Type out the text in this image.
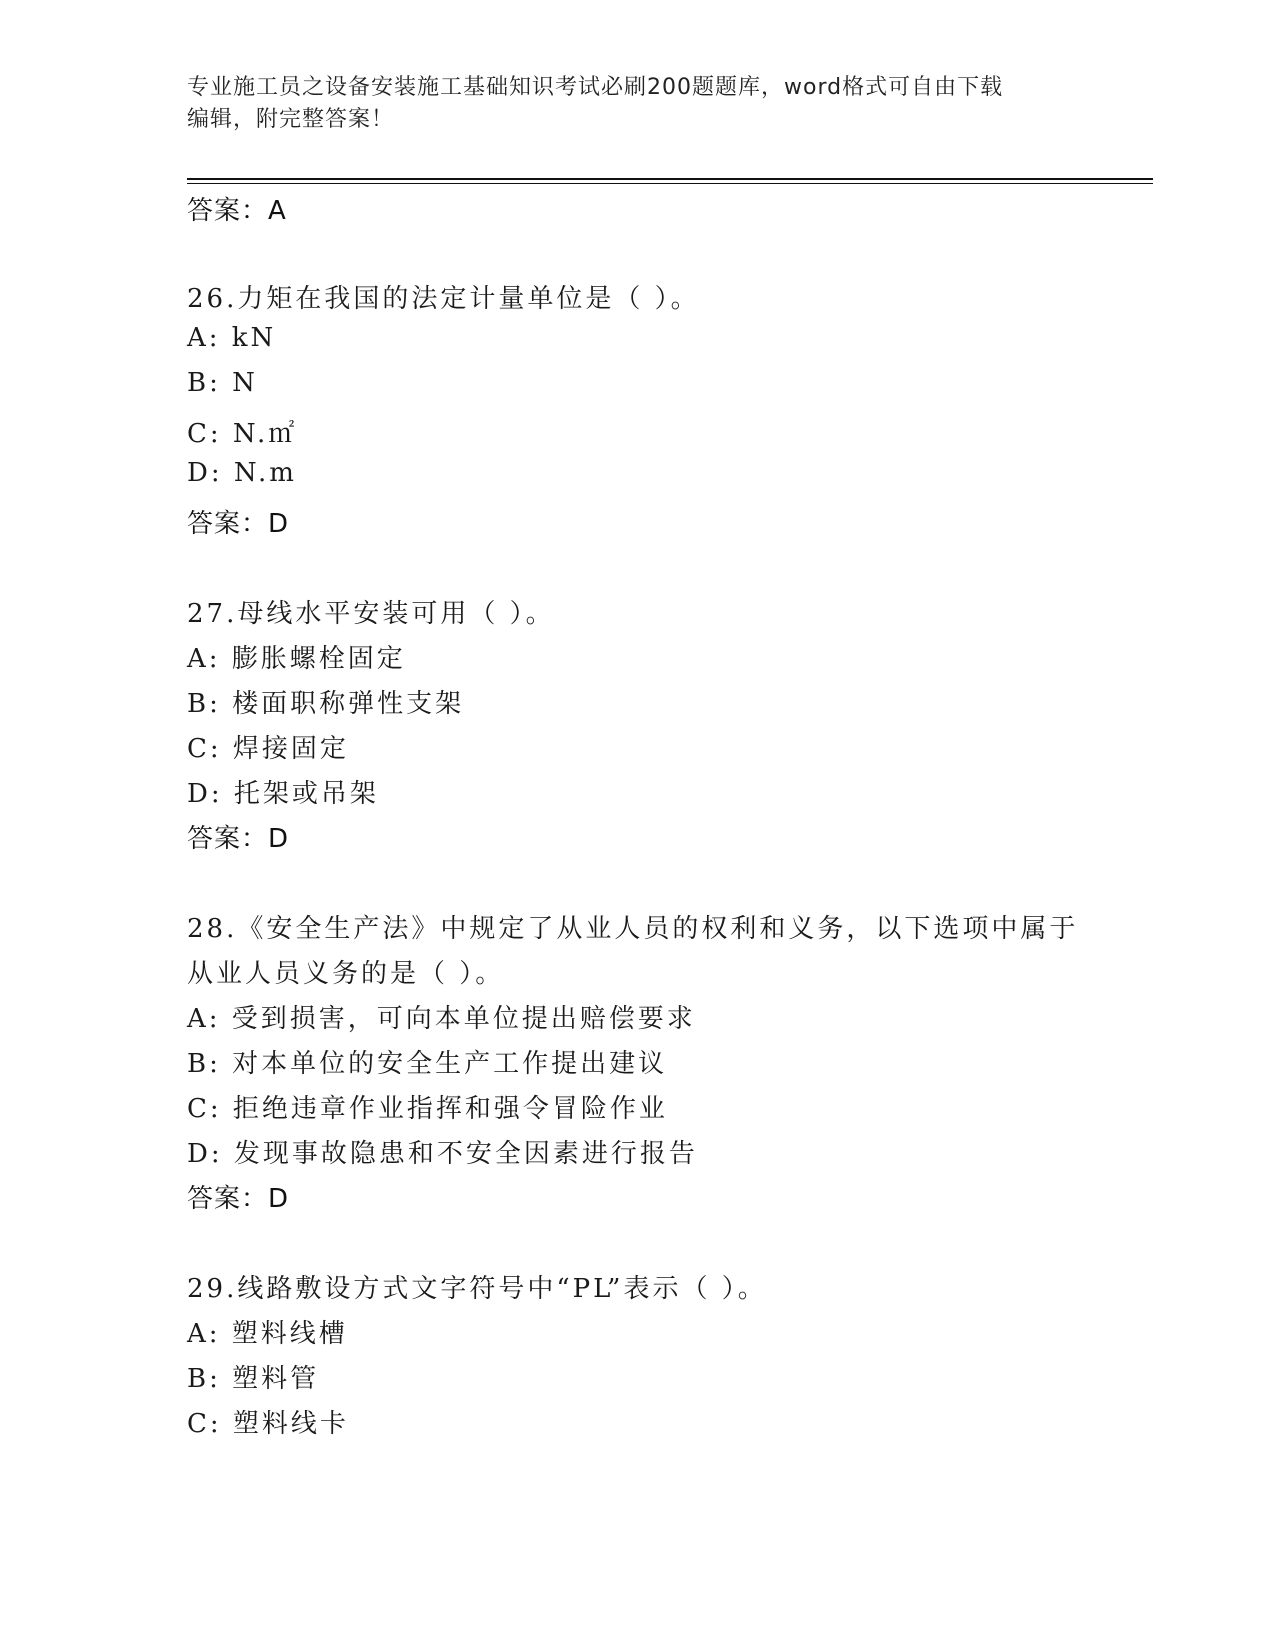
专业施工员之设备安装施工基础知识考试必刷200题题库，word格式可自由下载
编辑，附完整答案！
答案：A
26.力矩在我国的法定计量单位是（ ）。
A: kN
B: N
C: N.㎡
D: N.m
答案：D
27.母线水平安装可用（ ）。
A: 膨胀螺栓固定
B: 楼面职称弹性支架
C: 焊接固定
D: 托架或吊架
答案：D
28.《安全生产法》中规定了从业人员的权利和义务，以下选项中属于
从业人员义务的是（ ）。
A: 受到损害，可向本单位提出赔偿要求
B: 对本单位的安全生产工作提出建议
C: 拒绝违章作业指挥和强令冒险作业
D: 发现事故隐患和不安全因素进行报告
答案：D
29.线路敷设方式文字符号中“PL”表示（ ）。
A: 塑料线槽
B: 塑料管
C: 塑料线卡
